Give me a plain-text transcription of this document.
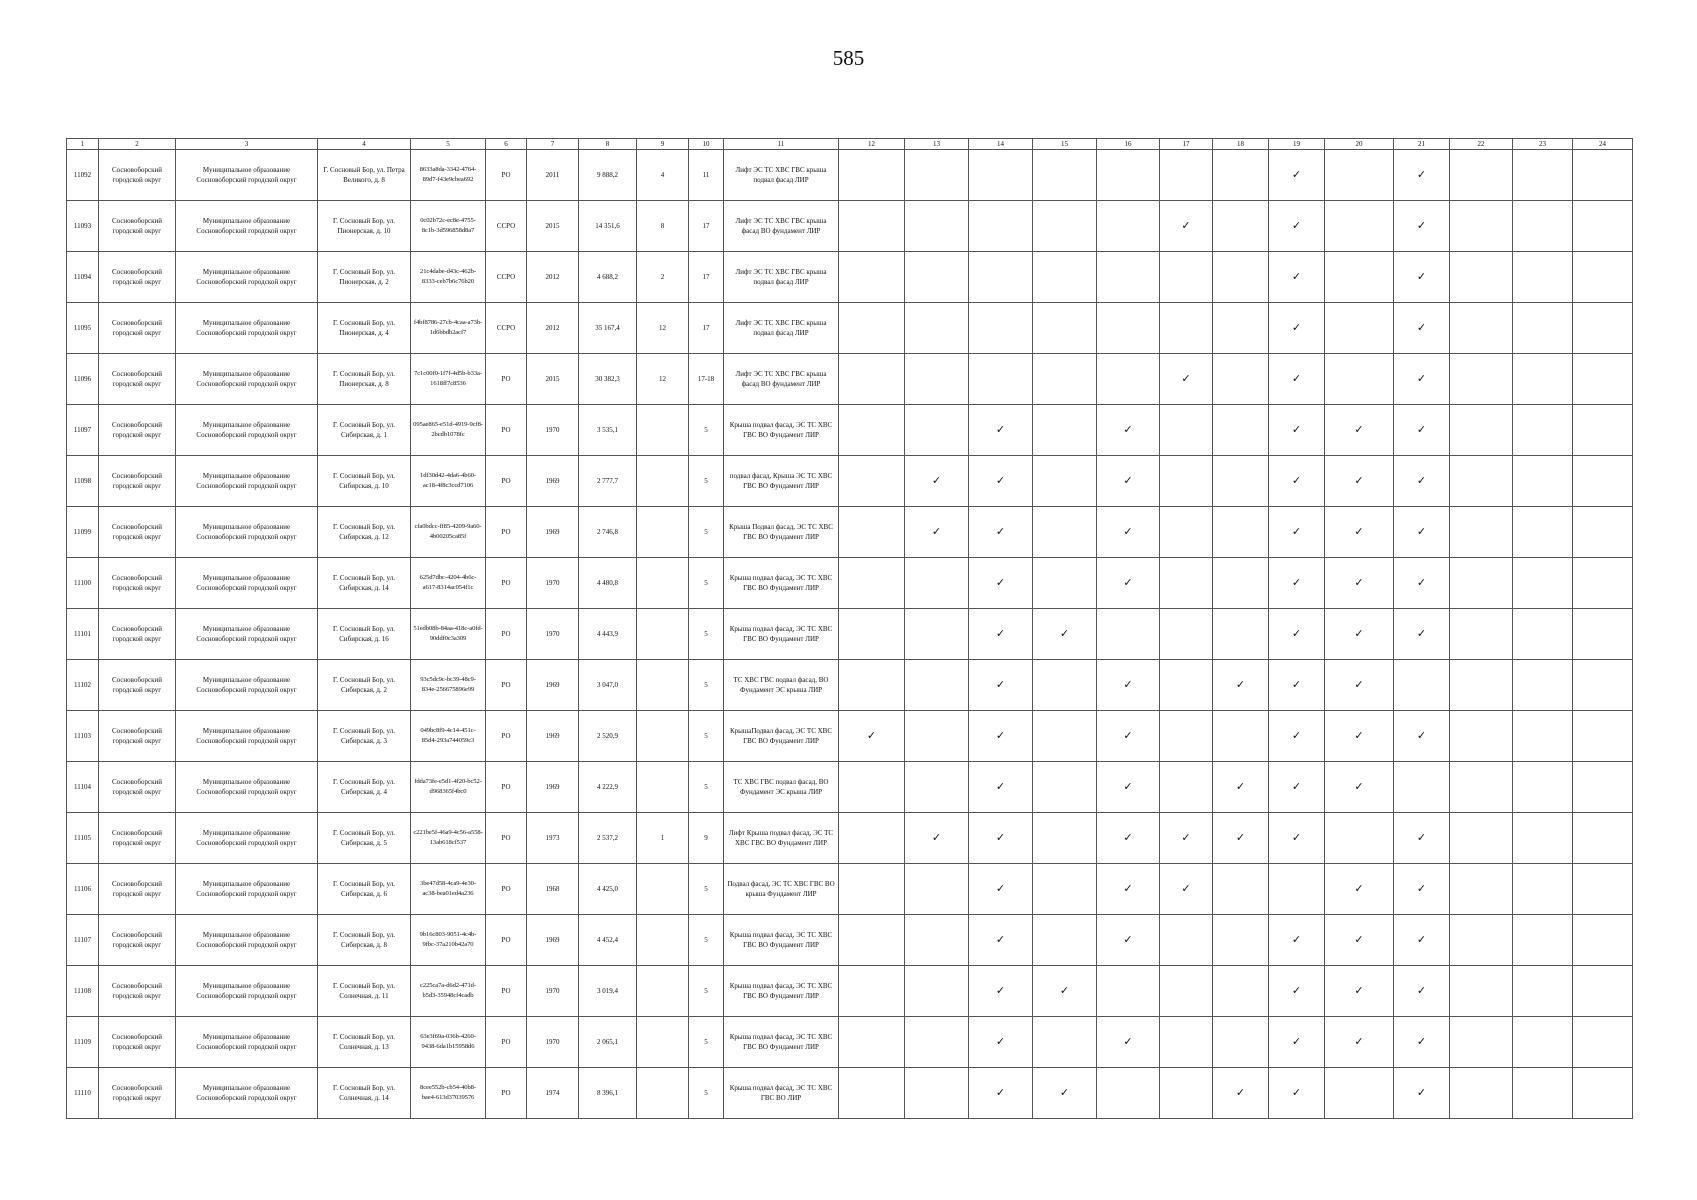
585
1	2	3	4	5	6	7	8	9	10	11	12	13	14	15	16	17	18	19	20	21	22	23	24
11092	Сосновоборский городской округ	Муниципальное образование Сосновоборский городской округ	Г. Сосновый Бор, ул. Петра Великого, д. 8	8633a8da-3342-4764-89d7-f43e9cbea692	РО	2011	9 888,2	4	11	Лифт ЭС ТС ХВС ГВС крыша подвал фасад ЛИР								✓		✓			
11093	Сосновоборский городской округ	Муниципальное образование Сосновоборский городской округ	Г. Сосновый Бор, ул. Пионерская, д. 10	0c02b72c-ec8e-4755-8c1b-3d596858d8a7	ССРО	2015	14 351,6	8	17	Лифт ЭС ТС ХВС ГВС крыша фасад ВО фундамент ЛИР						✓		✓		✓			
11094	Сосновоборский городской округ	Муниципальное образование Сосновоборский городской округ	Г. Сосновый Бор, ул. Пионерская, д. 2	21c4dabe-d43c-462b-8333-ceb7b6c76b20	ССРО	2012	4 688,2	2	17	Лифт ЭС ТС ХВС ГВС крыша подвал фасад ЛИР								✓		✓			
11095	Сосновоборский городской округ	Муниципальное образование Сосновоборский городской округ	Г. Сосновый Бор, ул. Пионерская, д. 4	f4bf8786-27cb-4caa-a73b-1d6bbdb2acf7	ССРО	2012	35 167,4	12	17	Лифт ЭС ТС ХВС ГВС крыша подвал фасад ЛИР								✓		✓			
11096	Сосновоборский городской округ	Муниципальное образование Сосновоборский городской округ	Г. Сосновый Бор, ул. Пионерская, д. 8	7c1c00f0-1f7f-4d5b-b33a-1618ff7c8536	РО	2015	30 382,3	12	17-18	Лифт ЭС ТС ХВС ГВС крыша фасад ВО фундамент ЛИР						✓		✓		✓			
11097	Сосновоборский городской округ	Муниципальное образование Сосновоборский городской округ	Г. Сосновый Бор, ул. Сибирская, д. 1	095ae865-e51d-4919-9cf8-2bcdb1078fc	РО	1970	3 535,1		5	Крыша подвал фасад, ЭС ТС ХВС ГВС ВО Фундамент ЛИР			✓		✓			✓	✓	✓			
11098	Сосновоборский городской округ	Муниципальное образование Сосновоборский городской округ	Г. Сосновый Бор, ул. Сибирская, д. 10	1df30d42-4da6-4b60-ac18-4f8c3ccd7106	РО	1969	2 777,7		5	подвал фасад, Крыша ЭС ТС ХВС ГВС ВО Фундамент ЛИР		✓	✓		✓			✓	✓	✓			
11099	Сосновоборский городской округ	Муниципальное образование Сосновоборский городской округ	Г. Сосновый Бор, ул. Сибирская, д. 12	cfa0bdcc-ff85-4209-9a60-4b00205ca85f	РО	1969	2 746,8		5	Крыша Подвал фасад, ЭС ТС ХВС ГВС ВО Фундамент ЛИР		✓	✓		✓			✓	✓	✓			
11100	Сосновоборский городской округ	Муниципальное образование Сосновоборский городской округ	Г. Сосновый Бор, ул. Сибирская, д. 14	625d7dbc-4204-4b6c-a617-8314ac054f1c	РО	1970	4 480,8		5	Крыша подвал фасад, ЭС ТС ХВС ГВС ВО Фундамент ЛИР			✓		✓			✓	✓	✓			
11101	Сосновоборский городской округ	Муниципальное образование Сосновоборский городской округ	Г. Сосновый Бор, ул. Сибирская, д. 16	51edb08b-84aa-418c-a0fd-90ddf0c3a309	РО	1970	4 443,9		5	Крыша подвал фасад, ЭС ТС ХВС ГВС ВО Фундамент ЛИР			✓	✓				✓	✓	✓			
11102	Сосновоборский городской округ	Муниципальное образование Сосновоборский городской округ	Г. Сосновый Бор, ул. Сибирская, д. 2	93c5dc9c-bc39-48c9-834e-256675896e99	РО	1969	3 047,0		5	ТС ХВС ГВС подвал фасад, ВО Фундамент ЭС крыша ЛИР			✓		✓		✓	✓	✓				
11103	Сосновоборский городской округ	Муниципальное образование Сосновоборский городской округ	Г. Сосновый Бор, ул. Сибирская, д. 3	049bc8f9-4c14-451c-85d4-293a744059c3	РО	1969	2 520,9		5	КрышаПодвал фасад, ЭС ТС ХВС ГВС ВО Фундамент ЛИР	✓		✓		✓			✓	✓	✓			
11104	Сосновоборский городской округ	Муниципальное образование Сосновоборский городской округ	Г. Сосновый Бор, ул. Сибирская, д. 4	fdda73fe-e5d1-4f20-bc52-d968365f4bc0	РО	1969	4 222,9		5	ТС ХВС ГВС подвал фасад, ВО Фундамент ЭС крыша ЛИР			✓		✓		✓	✓	✓				
11105	Сосновоборский городской округ	Муниципальное образование Сосновоборский городской округ	Г. Сосновый Бор, ул. Сибирская, д. 5	c221be5f-46a9-4c56-a558-13ab618cf537	РО	1973	2 537,2	1	9	Лифт Крыша подвал фасад, ЭС ТС ХВС ГВС ВО Фундамент ЛИР		✓	✓		✓	✓	✓	✓		✓			
11106	Сосновоборский городской округ	Муниципальное образование Сосновоборский городской округ	Г. Сосновый Бор, ул. Сибирская, д. 6	3be47d58-4ca9-4e30-ac38-bea01ed4a236	РО	1968	4 425,0		5	Подвал фасад, ЭС ТС ХВС ГВС ВО крыша Фундамент ЛИР			✓		✓	✓			✓	✓			
11107	Сосновоборский городской округ	Муниципальное образование Сосновоборский городской округ	Г. Сосновый Бор, ул. Сибирская, д. 8	9b16c803-9051-4c4b-9fbc-37a210b42a70	РО	1969	4 452,4		5	Крыша подвал фасад, ЭС ТС ХВС ГВС ВО Фундамент ЛИР			✓		✓			✓	✓	✓			
11108	Сосновоборский городской округ	Муниципальное образование Сосновоборский городской округ	Г. Сосновый Бор, ул. Солнечная, д. 11	c225ca7a-d6d2-471d-b5d3-35948cf4cadb	РО	1970	3 019,4		5	Крыша подвал фасад, ЭС ТС ХВС ГВС ВО Фундамент ЛИР			✓	✓				✓	✓	✓			
11109	Сосновоборский городской округ	Муниципальное образование Сосновоборский городской округ	Г. Сосновый Бор, ул. Солнечная, д. 13	63e3f69a-036b-4260-9438-6da1b15958d6	РО	1970	2 065,1		5	Крыша подвал фасад, ЭС ТС ХВС ГВС ВО Фундамент ЛИР			✓		✓			✓	✓	✓			
11110	Сосновоборский городской округ	Муниципальное образование Сосновоборский городской округ	Г. Сосновый Бор, ул. Солнечная, д. 14	8cee552b-cb54-40b8-bae4-613d37039576	РО	1974	8 396,1		5	Крыша подвал фасад, ЭС ТС ХВС ГВС ВО ЛИР			✓	✓			✓	✓		✓			
